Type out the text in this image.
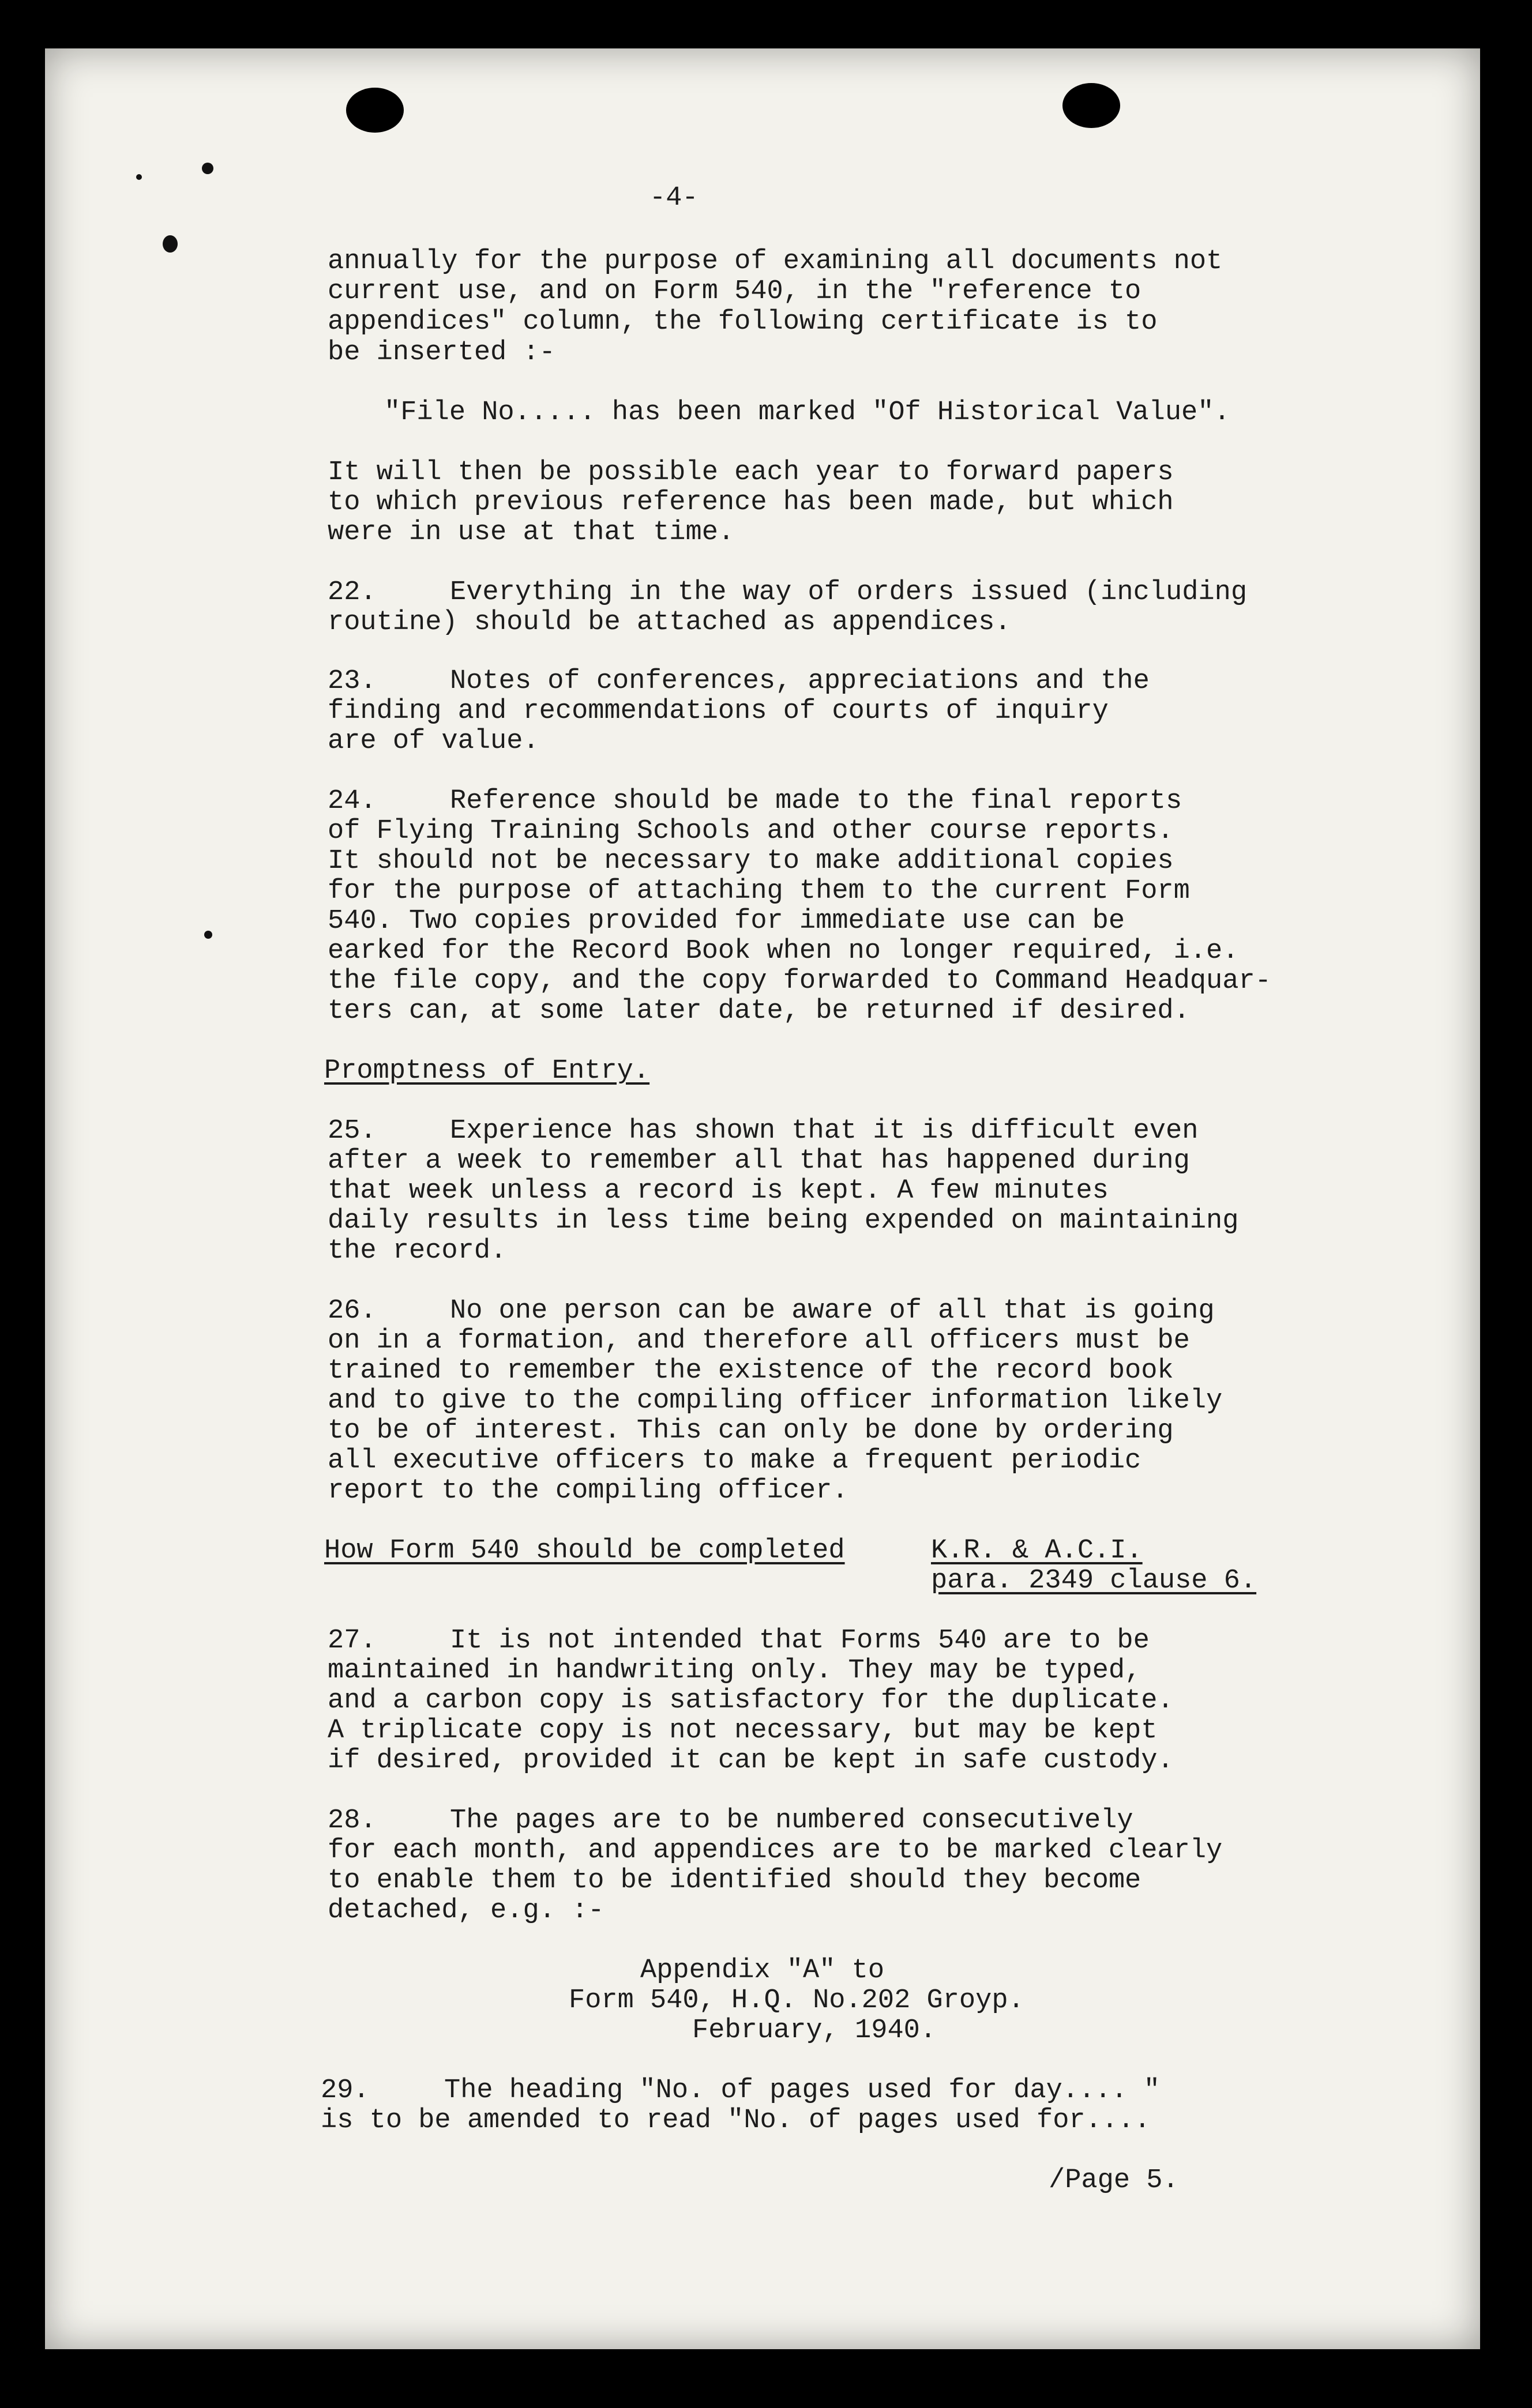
-4-

annually for the purpose of examining all documents not

current use, and on Form 540, in the "reference to

appendices" column, the following certificate is to

be inserted :-

"File No..... has been marked "Of Historical Value".

It will then be possible each year to forward papers

to which previous reference has been made, but which

were in use at that time.

22.	Everything in the way of orders issued (including

routine) should be attached as appendices.

23.	Notes of conferences, appreciations and the

finding and recommendations of courts of inquiry

are of value.

24.	Reference should be made to the final reports

of Flying Training Schools and other course reports.

It should not be necessary to make additional copies

for the purpose of attaching them to the current Form

540. Two copies provided for immediate use can be

earked for the Record Book when no longer required, i.e.

the file copy, and the copy forwarded to Command Headquar-

ters can, at some later date, be returned if desired.

Promptness of Entry.

25.	Experience has shown that it is difficult even

after a week to remember all that has happened during

that week unless a record is kept. A few minutes

daily results in less time being expended on maintaining

the record.

26.	No one person can be aware of all that is going

on in a formation, and therefore all officers must be

trained to remember the existence of the record book

and to give to the compiling officer information likely

to be of interest. This can only be done by ordering

all executive officers to make a frequent periodic

report to the compiling officer.

How Form 540 should be completed	K.R. & A.C.I.

para. 2349 clause 6.

27.	It is not intended that Forms 540 are to be

maintained in handwriting only. They may be typed,

and a carbon copy is satisfactory for the duplicate.

A triplicate copy is not necessary, but may be kept

if desired, provided it can be kept in safe custody.

28.	The pages are to be numbered consecutively

for each month, and appendices are to be marked clearly

to enable them to be identified should they become

detached, e.g. :-

Appendix "A" to

Form 540, H.Q. No.202 Groyp.

February, 1940.

29.	The heading "No. of pages used for day.... "

is to be amended to read "No. of pages used for....

/Page 5.
